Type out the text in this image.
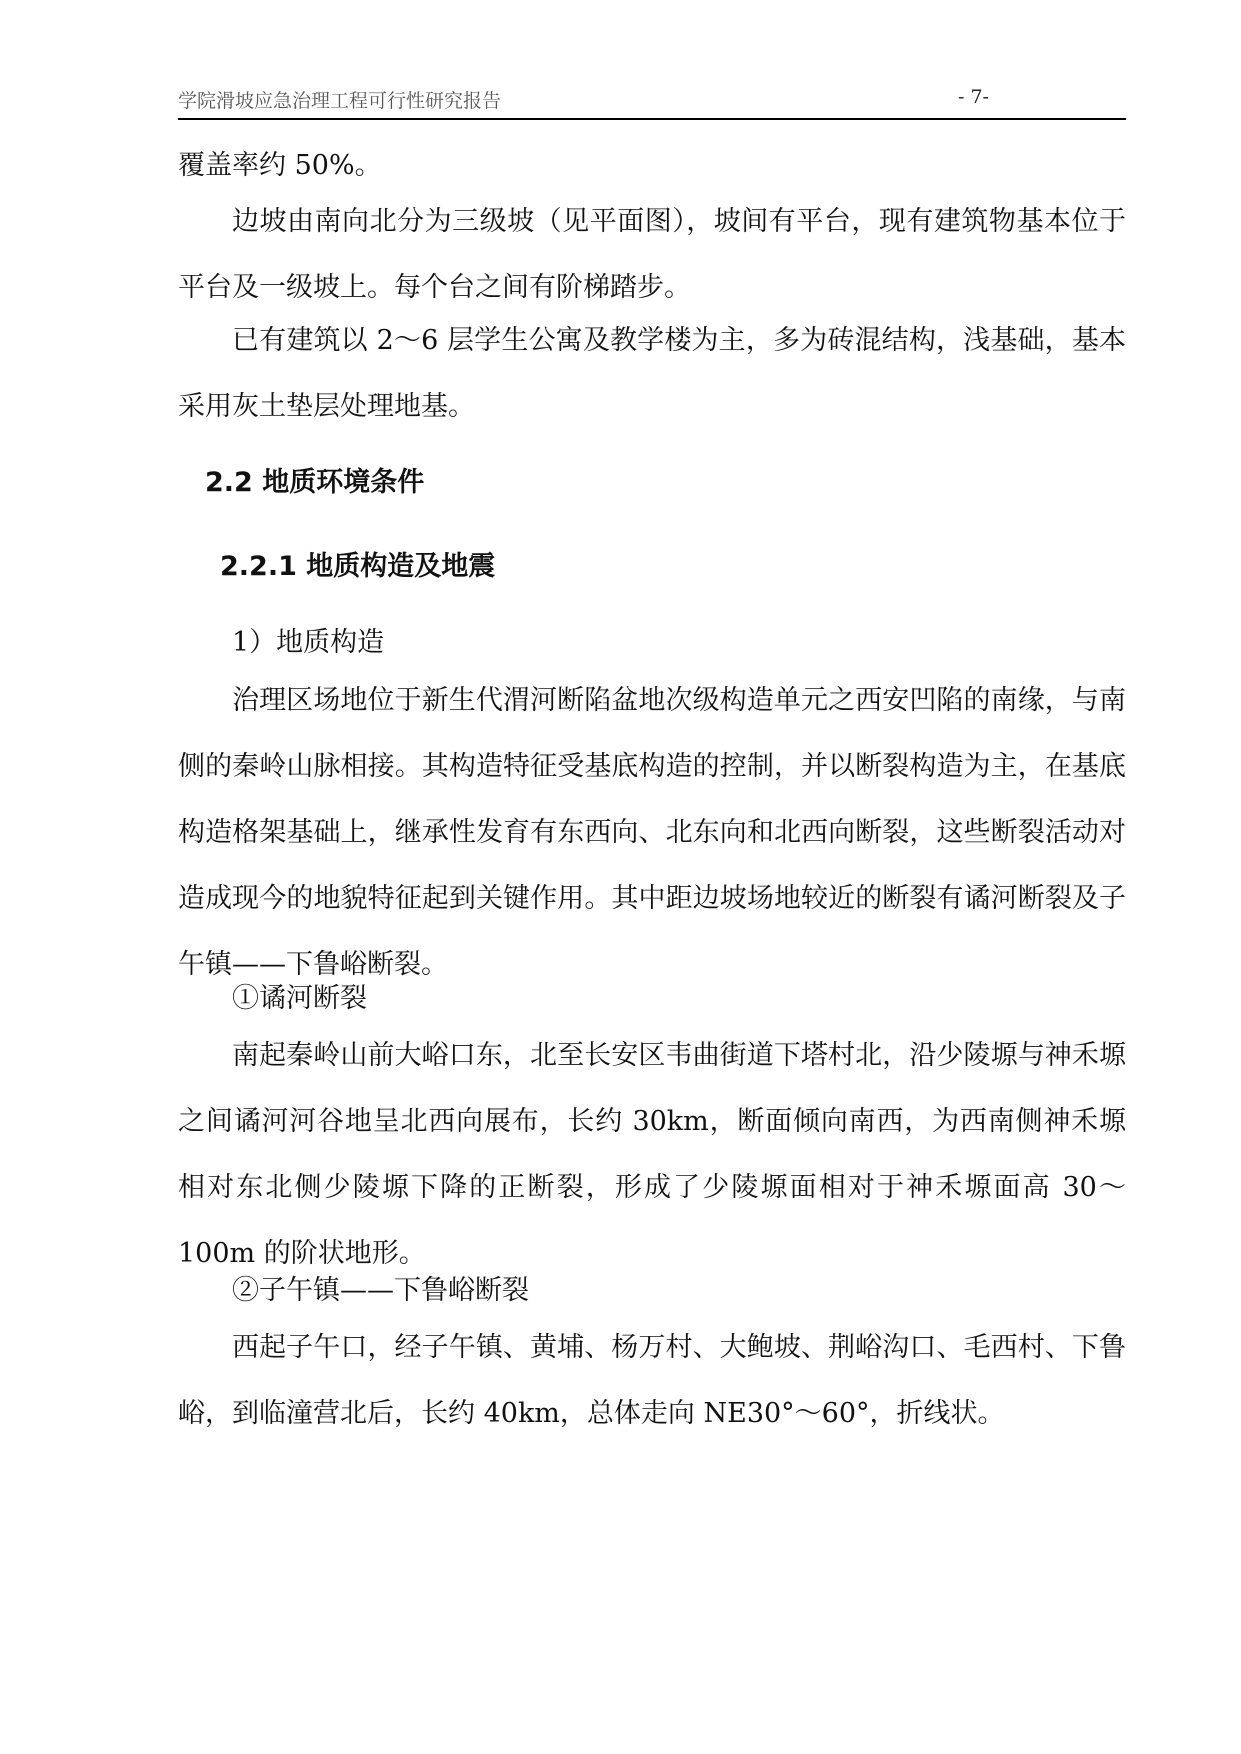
学院滑坡应急治理工程可行性研究报告	- 7-

覆盖率约 50%。

边坡由南向北分为三级坡（见平面图），坡间有平台，现有建筑物基本位于平台及一级坡上。每个台之间有阶梯踏步。

已有建筑以 2～6 层学生公寓及教学楼为主，多为砖混结构，浅基础，基本采用灰土垫层处理地基。

2.2 地质环境条件
2.2.1 地质构造及地震

1）地质构造

治理区场地位于新生代渭河断陷盆地次级构造单元之西安凹陷的南缘，与南侧的秦岭山脉相接。其构造特征受基底构造的控制，并以断裂构造为主，在基底构造格架基础上，继承性发育有东西向、北东向和北西向断裂，这些断裂活动对造成现今的地貌特征起到关键作用。其中距边坡场地较近的断裂有谲河断裂及子午镇——下鲁峪断裂。

①谲河断裂

南起秦岭山前大峪口东，北至长安区韦曲街道下塔村北，沿少陵塬与神禾塬之间谲河河谷地呈北西向展布，长约 30km，断面倾向南西，为西南侧神禾塬相对东北侧少陵塬下降的正断裂，形成了少陵塬面相对于神禾塬面高 30～100m 的阶状地形。

②子午镇——下鲁峪断裂

西起子午口，经子午镇、黄埔、杨万村、大鲍坡、荆峪沟口、毛西村、下鲁峪，到临潼营北后，长约 40km，总体走向 NE30°～60°，折线状。
